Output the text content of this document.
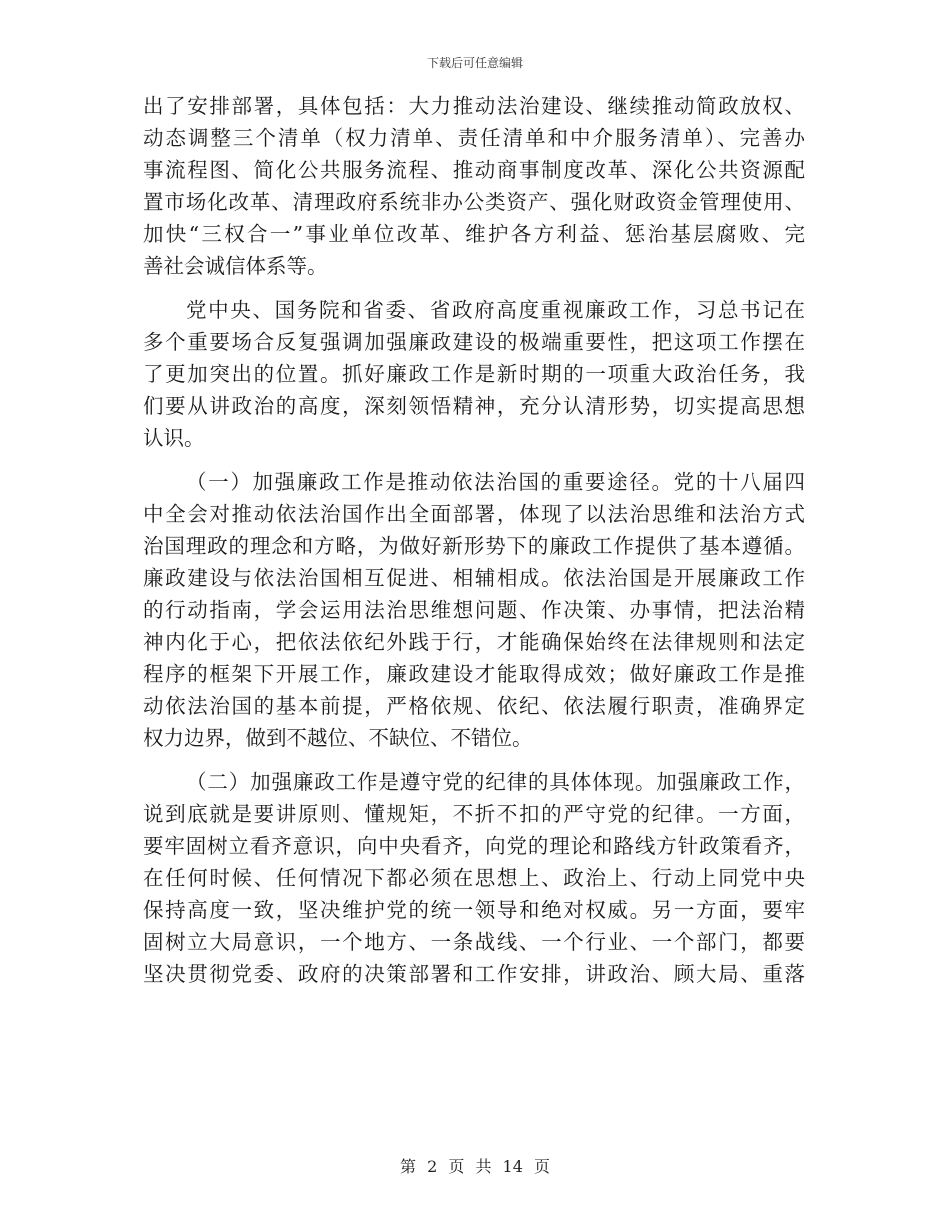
下载后可任意编辑
出了安排部署，具体包括：大力推动法治建设、继续推动简政放权、
动态调整三个清单（权力清单、责任清单和中介服务清单）、完善办
事流程图、简化公共服务流程、推动商事制度改革、深化公共资源配
置市场化改革、清理政府系统非办公类资产、强化财政资金管理使用、
加快“三权合一”事业单位改革、维护各方利益、惩治基层腐败、完
善社会诚信体系等。
党中央、国务院和省委、省政府高度重视廉政工作，习总书记在
多个重要场合反复强调加强廉政建设的极端重要性，把这项工作摆在
了更加突出的位置。抓好廉政工作是新时期的一项重大政治任务，我
们要从讲政治的高度，深刻领悟精神，充分认清形势，切实提高思想
认识。
（一）加强廉政工作是推动依法治国的重要途径。党的十八届四
中全会对推动依法治国作出全面部署，体现了以法治思维和法治方式
治国理政的理念和方略，为做好新形势下的廉政工作提供了基本遵循。
廉政建设与依法治国相互促进、相辅相成。依法治国是开展廉政工作
的行动指南，学会运用法治思维想问题、作决策、办事情，把法治精
神内化于心，把依法依纪外践于行，才能确保始终在法律规则和法定
程序的框架下开展工作，廉政建设才能取得成效；做好廉政工作是推
动依法治国的基本前提，严格依规、依纪、依法履行职责，准确界定
权力边界，做到不越位、不缺位、不错位。
（二）加强廉政工作是遵守党的纪律的具体体现。加强廉政工作，
说到底就是要讲原则、懂规矩，不折不扣的严守党的纪律。一方面，
要牢固树立看齐意识，向中央看齐，向党的理论和路线方针政策看齐，
在任何时候、任何情况下都必须在思想上、政治上、行动上同党中央
保持高度一致，坚决维护党的统一领导和绝对权威。另一方面，要牢
固树立大局意识，一个地方、一条战线、一个行业、一个部门，都要
坚决贯彻党委、政府的决策部署和工作安排，讲政治、顾大局、重落
第 2 页 共 14 页
